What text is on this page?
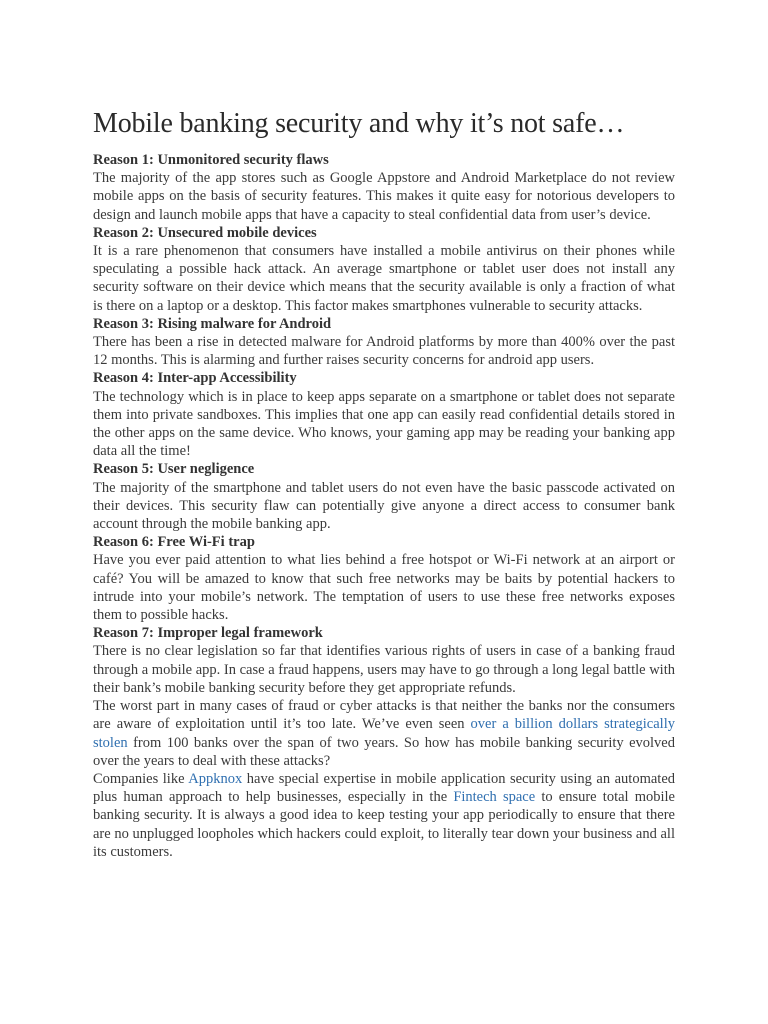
Mobile banking security and why it’s not safe…
Reason 1: Unmonitored security flaws

The majority of the app stores such as Google Appstore and Android Marketplace do not review mobile apps on the basis of security features. This makes it quite easy for notorious developers to design and launch mobile apps that have a capacity to steal confidential data from user’s device.

Reason 2: Unsecured mobile devices

It is a rare phenomenon that consumers have installed a mobile antivirus on their phones while speculating a possible hack attack. An average smartphone or tablet user does not install any security software on their device which means that the security available is only a fraction of what is there on a laptop or a desktop. This factor makes smartphones vulnerable to security attacks.

Reason 3: Rising malware for Android

There has been a rise in detected malware for Android platforms by more than 400% over the past 12 months. This is alarming and further raises security concerns for android app users.

Reason 4: Inter-app Accessibility

The technology which is in place to keep apps separate on a smartphone or tablet does not separate them into private sandboxes. This implies that one app can easily read confidential details stored in the other apps on the same device. Who knows, your gaming app may be reading your banking app data all the time!

Reason 5: User negligence

The majority of the smartphone and tablet users do not even have the basic passcode activated on their devices. This security flaw can potentially give anyone a direct access to consumer bank account through the mobile banking app.

Reason 6: Free Wi-Fi trap

Have you ever paid attention to what lies behind a free hotspot or Wi-Fi network at an airport or café? You will be amazed to know that such free networks may be baits by potential hackers to intrude into your mobile’s network. The temptation of users to use these free networks exposes them to possible hacks.

Reason 7: Improper legal framework

There is no clear legislation so far that identifies various rights of users in case of a banking fraud through a mobile app. In case a fraud happens, users may have to go through a long legal battle with their bank’s mobile banking security before they get appropriate refunds.

The worst part in many cases of fraud or cyber attacks is that neither the banks nor the consumers are aware of exploitation until it’s too late. We’ve even seen over a billion dollars strategically stolen from 100 banks over the span of two years. So how has mobile banking security evolved over the years to deal with these attacks?

Companies like Appknox have special expertise in mobile application security using an automated plus human approach to help businesses, especially in the Fintech space to ensure total mobile banking security. It is always a good idea to keep testing your app periodically to ensure that there are no unplugged loopholes which hackers could exploit, to literally tear down your business and all its customers.
